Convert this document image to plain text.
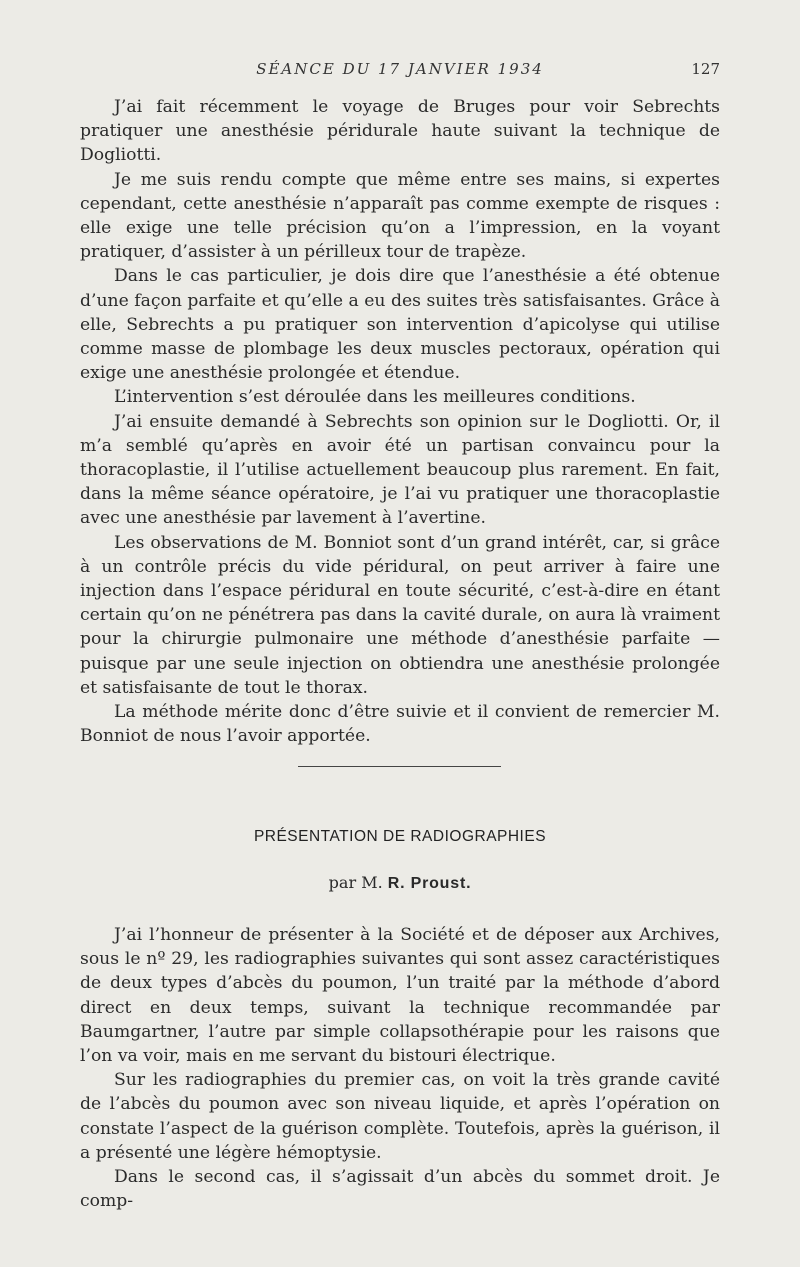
SÉANCE DU 17 JANVIER 1934	127

J’ai fait récemment le voyage de Bruges pour voir Sebrechts pratiquer une anesthésie péridurale haute suivant la technique de Dogliotti.

Je me suis rendu compte que même entre ses mains, si expertes cependant, cette anesthésie n’apparaît pas comme exempte de risques : elle exige une telle précision qu’on a l’impression, en la voyant pratiquer, d’assister à un périlleux tour de trapèze.

Dans le cas particulier, je dois dire que l’anesthésie a été obtenue d’une façon parfaite et qu’elle a eu des suites très satisfaisantes. Grâce à elle, Sebrechts a pu pratiquer son intervention d’apicolyse qui utilise comme masse de plombage les deux muscles pectoraux, opération qui exige une anesthésie prolongée et étendue.

L’intervention s’est déroulée dans les meilleures conditions.

J’ai ensuite demandé à Sebrechts son opinion sur le Dogliotti. Or, il m’a semblé qu’après en avoir été un partisan convaincu pour la thoracoplastie, il l’utilise actuellement beaucoup plus rarement. En fait, dans la même séance opératoire, je l’ai vu pratiquer une thoracoplastie avec une anesthésie par lavement à l’avertine.

Les observations de M. Bonniot sont d’un grand intérêt, car, si grâce à un contrôle précis du vide péridural, on peut arriver à faire une injection dans l’espace péridural en toute sécurité, c’est-à-dire en étant certain qu’on ne pénétrera pas dans la cavité durale, on aura là vraiment pour la chirurgie pulmonaire une méthode d’anesthésie parfaite — puisque par une seule injection on obtiendra une anesthésie prolongée et satisfaisante de tout le thorax.

La méthode mérite donc d’être suivie et il convient de remercier M. Bonniot de nous l’avoir apportée.

PRÉSENTATION DE RADIOGRAPHIES
par M. R. Proust.

J’ai l’honneur de présenter à la Société et de déposer aux Archives, sous le nº 29, les radiographies suivantes qui sont assez caractéristiques de deux types d’abcès du poumon, l’un traité par la méthode d’abord direct en deux temps, suivant la technique recommandée par Baumgartner, l’autre par simple collapsothérapie pour les raisons que l’on va voir, mais en me servant du bistouri électrique.

Sur les radiographies du premier cas, on voit la très grande cavité de l’abcès du poumon avec son niveau liquide, et après l’opération on constate l’aspect de la guérison complète. Toutefois, après la guérison, il a présenté une légère hémoptysie.

Dans le second cas, il s’agissait d’un abcès du sommet droit. Je comp-
